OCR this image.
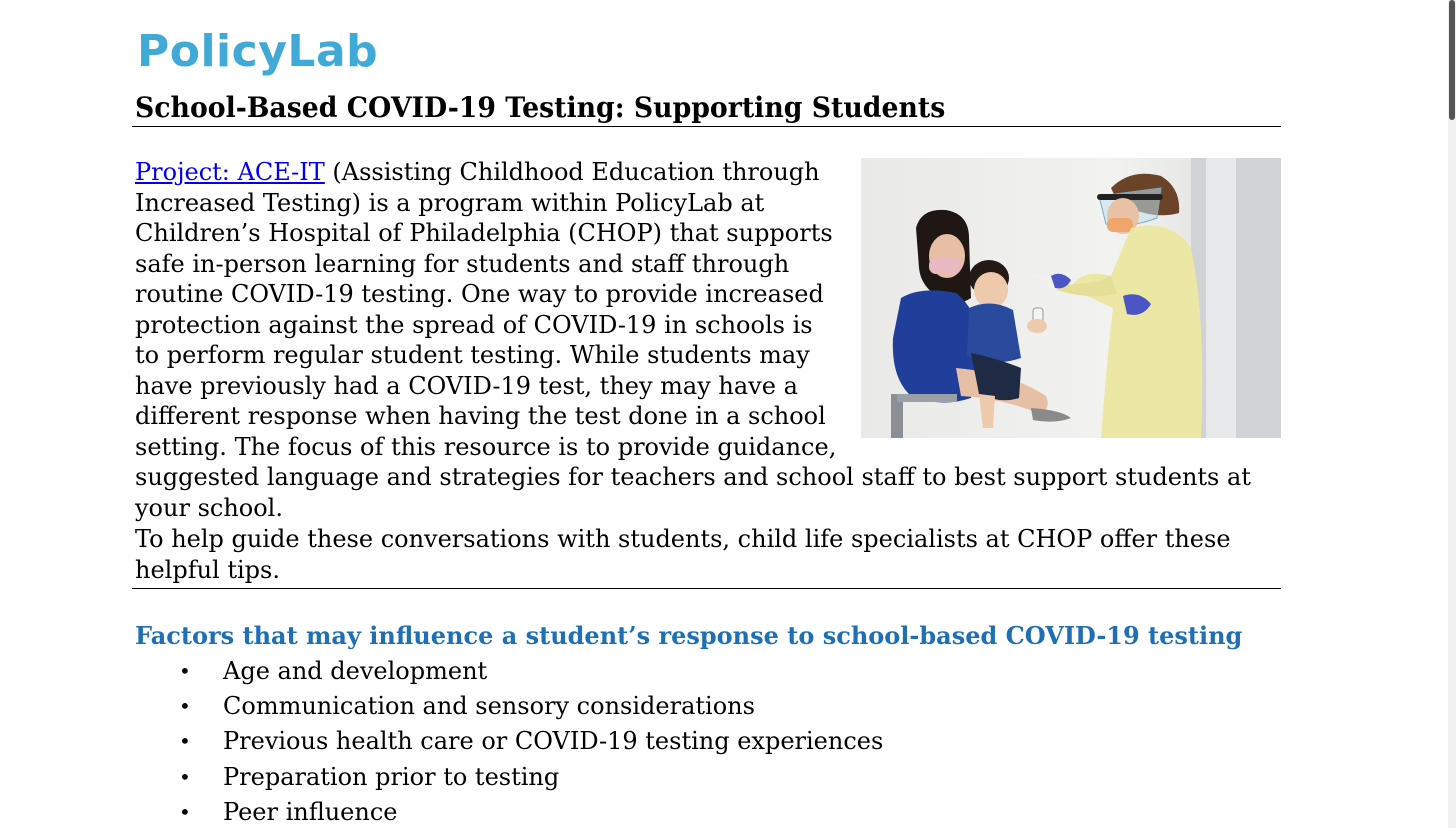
PolicyLab
School-Based COVID-19 Testing: Supporting Students

Project: ACE-IT (Assisting Childhood Education through Increased Testing) is a program within PolicyLab at Children’s Hospital of Philadelphia (CHOP) that supports safe in-person learning for students and staff through routine COVID-19 testing. One way to provide increased protection against the spread of COVID-19 in schools is to perform regular student testing. While students may have previously had a COVID-19 test, they may have a different response when having the test done in a school setting. The focus of this resource is to provide guidance, suggested language and strategies for teachers and school staff to best support students at your school.

To help guide these conversations with students, child life specialists at CHOP offer these helpful tips.

Factors that may influence a student’s response to school-based COVID-19 testing
• Age and development
• Communication and sensory considerations
• Previous health care or COVID-19 testing experiences
• Preparation prior to testing
• Peer influence
